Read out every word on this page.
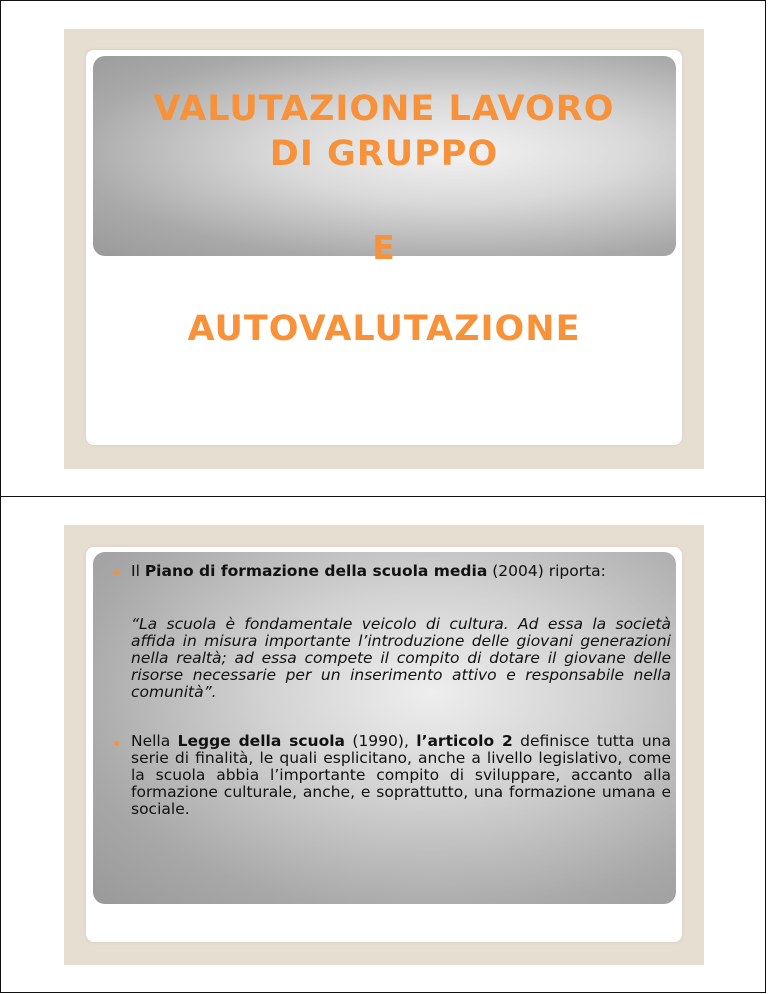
VALUTAZIONE LAVORO
DI GRUPPO
E
AUTOVALUTAZIONE
Il Piano di formazione della scuola media (2004) riporta:
“La scuola è fondamentale veicolo di cultura. Ad essa la società affida in misura importante l’introduzione delle giovani generazioni nella realtà; ad essa compete il compito di dotare il giovane delle risorse necessarie per un inserimento attivo e responsabile nella comunità”.
Nella Legge della scuola (1990), l’articolo 2 definisce tutta una serie di finalità, le quali esplicitano, anche a livello legislativo, come la scuola abbia l’importante compito di sviluppare, accanto alla formazione culturale, anche, e soprattutto, una formazione umana e sociale.
